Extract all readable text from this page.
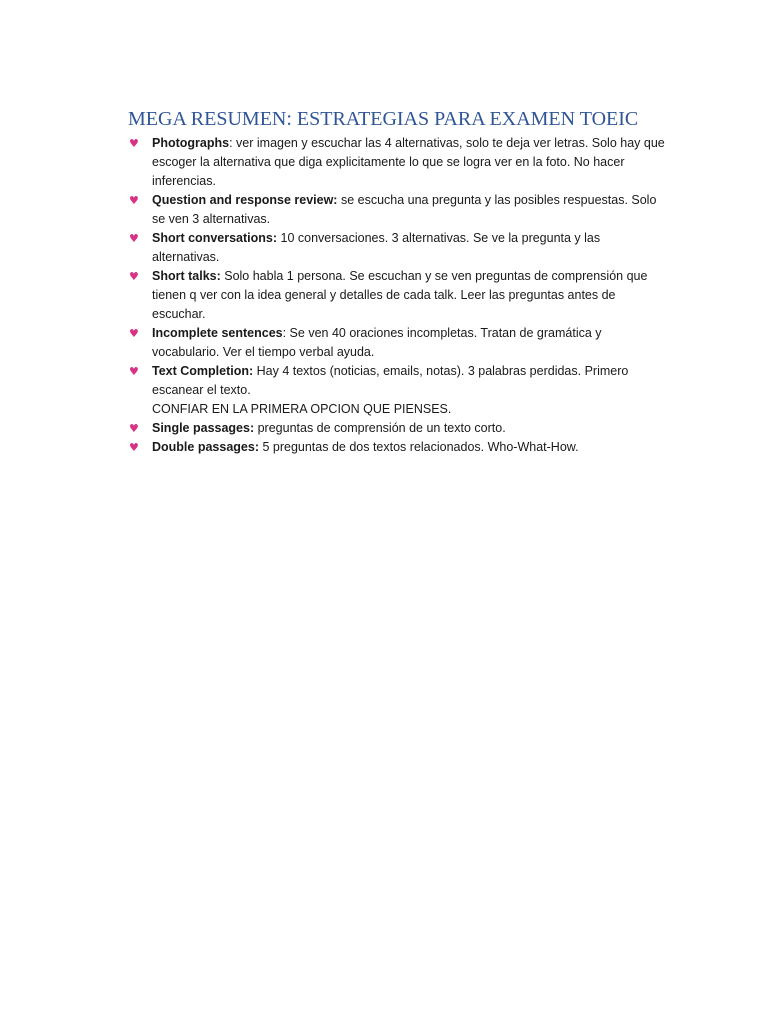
MEGA RESUMEN: ESTRATEGIAS PARA EXAMEN TOEIC
♥ Photographs: ver imagen y escuchar las 4 alternativas, solo te deja ver letras. Solo hay que escoger la alternativa que diga explicitamente lo que se logra ver en la foto. No hacer inferencias.
♥ Question and response review: se escucha una pregunta y las posibles respuestas. Solo se ven 3 alternativas.
♥ Short conversations: 10 conversaciones. 3 alternativas. Se ve la pregunta y las alternativas.
♥ Short talks: Solo habla 1 persona. Se escuchan y se ven preguntas de comprensión que tienen q ver con la idea general y detalles de cada talk. Leer las preguntas antes de escuchar.
♥ Incomplete sentences: Se ven 40 oraciones incompletas. Tratan de gramática y vocabulario. Ver el tiempo verbal ayuda.
♥ Text Completion: Hay 4 textos (noticias, emails, notas). 3 palabras perdidas. Primero escanear el texto.
CONFIAR EN LA PRIMERA OPCION QUE PIENSES.
♥ Single passages: preguntas de comprensión de un texto corto.
♥ Double passages: 5 preguntas de dos textos relacionados. Who-What-How.
